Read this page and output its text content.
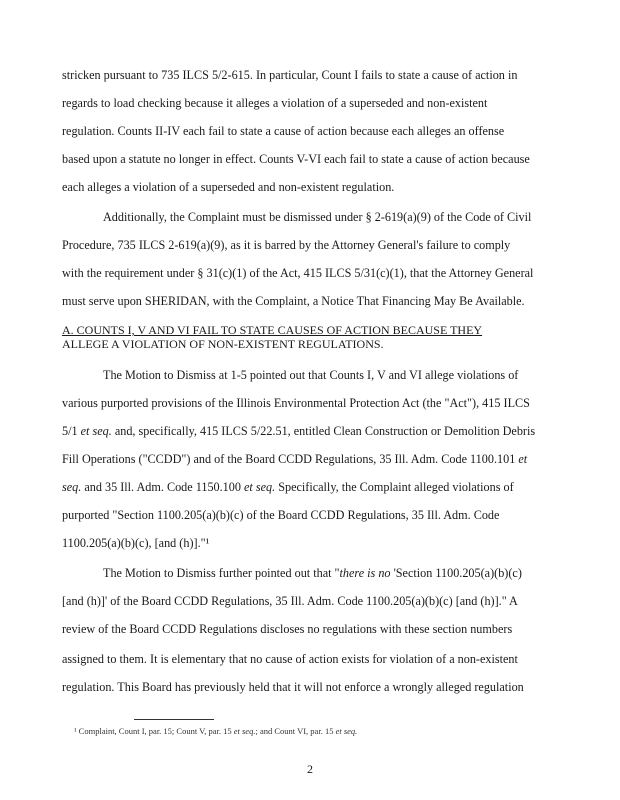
stricken pursuant to 735 ILCS 5/2-615. In particular, Count I fails to state a cause of action in
regards to load checking because it alleges a violation of a superseded and non-existent
regulation. Counts II-IV each fail to state a cause of action because each alleges an offense
based upon a statute no longer in effect. Counts V-VI each fail to state a cause of action because
each alleges a violation of a superseded and non-existent regulation.
Additionally, the Complaint must be dismissed under § 2-619(a)(9) of the Code of Civil
Procedure, 735 ILCS 2-619(a)(9), as it is barred by the Attorney General's failure to comply
with the requirement under § 31(c)(1) of the Act, 415 ILCS 5/31(c)(1), that the Attorney General
must serve upon SHERIDAN, with the Complaint, a Notice That Financing May Be Available.
A. COUNTS I, V AND VI FAIL TO STATE CAUSES OF ACTION BECAUSE THEY
ALLEGE A VIOLATION OF NON-EXISTENT REGULATIONS.
The Motion to Dismiss at 1-5 pointed out that Counts I, V and VI allege violations of
various purported provisions of the Illinois Environmental Protection Act (the "Act"), 415 ILCS
5/1 et seq. and, specifically, 415 ILCS 5/22.51, entitled Clean Construction or Demolition Debris
Fill Operations ("CCDD") and of the Board CCDD Regulations, 35 Ill. Adm. Code 1100.101 et
seq. and 35 Ill. Adm. Code 1150.100 et seq. Specifically, the Complaint alleged violations of
purported "Section 1100.205(a)(b)(c) of the Board CCDD Regulations, 35 Ill. Adm. Code
1100.205(a)(b)(c), [and (h)]."¹
The Motion to Dismiss further pointed out that "there is no 'Section 1100.205(a)(b)(c)
[and (h)]' of the Board CCDD Regulations, 35 Ill. Adm. Code 1100.205(a)(b)(c) [and (h)]." A
review of the Board CCDD Regulations discloses no regulations with these section numbers
assigned to them. It is elementary that no cause of action exists for violation of a non-existent
regulation. This Board has previously held that it will not enforce a wrongly alleged regulation
¹ Complaint, Count I, par. 15; Count V, par. 15 et seq.; and Count VI, par. 15 et seq.
2
